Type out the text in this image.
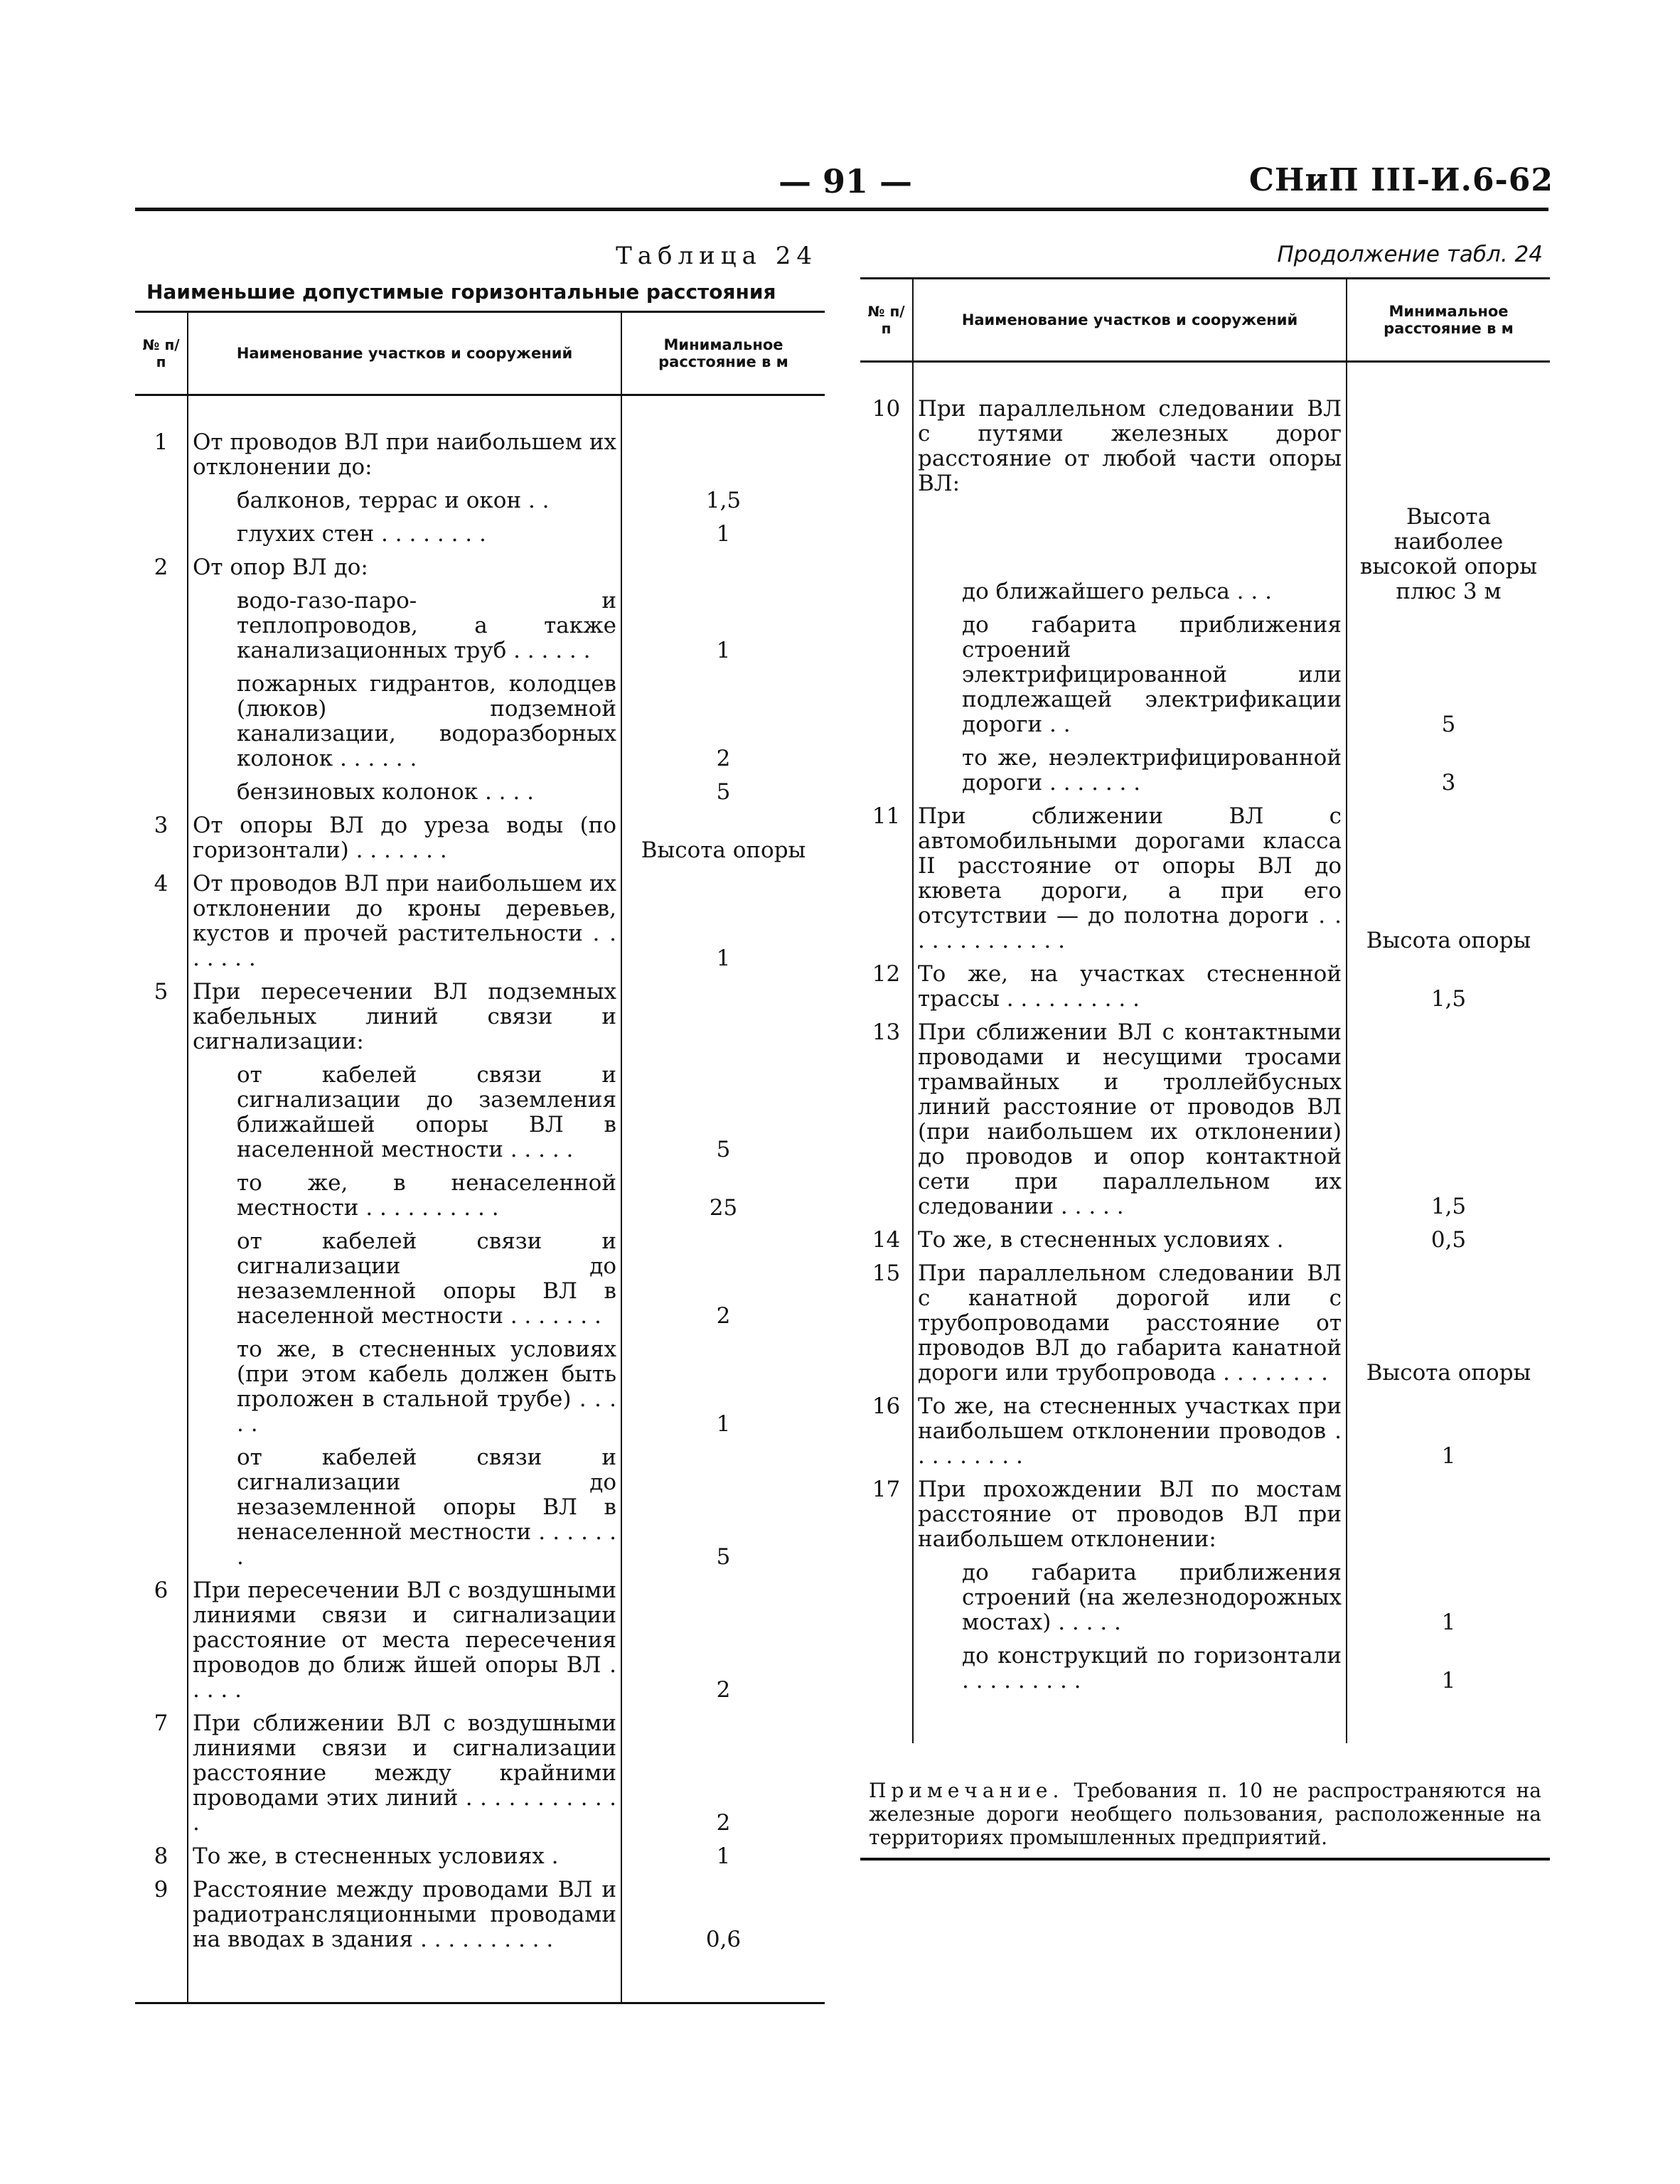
— 91 —	СНиП III-И.6-62
Таблица 24
Наименьшие допустимые горизонтальные расстояния
№ п/п	Наименование участков и сооружений	Минимальное расстояние в м

1	От проводов ВЛ при наибольшем их отклонении до:	

	балконов, террас и окон . .	1,5

	глухих стен . . . . . . . .	1
2	От опор ВЛ до:	

	водо-газо-паро- и теплопроводов, а также канализационных труб . . . . . .	1

	пожарных гидрантов, колодцев (люков) подземной канализации, водоразборных колонок . . . . . .	2

	бензиновых колонок . . . .	5
3	От опоры ВЛ до уреза воды (по горизонтали) . . . . . . .	Высота опоры
4	От проводов ВЛ при наибольшем их отклонении до кроны деревьев, кустов и прочей растительности . . . . . . .	1
5	При пересечении ВЛ подземных кабельных линий связи и сигнализации:	

	от кабелей связи и сигнализации до заземления ближайшей опоры ВЛ в населенной местности . . . . .	5

	то же, в ненаселенной местности . . . . . . . . . .	25

	от кабелей связи и сигнализации до незаземленной опоры ВЛ в населенной местности . . . . . . .	2

	то же, в стесненных условиях (при этом кабель должен быть проложен в стальной трубе) . . . . .	1

	от кабелей связи и сигнализации до незаземленной опоры ВЛ в ненаселенной местности . . . . . . .	5
6	При пересечении ВЛ с воздушными линиями связи и сигнализации расстояние от места пересечения проводов до ближ йшей опоры ВЛ . . . . .	2
7	При сближении ВЛ с воздушными линиями связи и сигнализации расстояние между крайними проводами этих линий . . . . . . . . . . . .	2
8	То же, в стесненных условиях .	1
9	Расстояние между проводами ВЛ и радиотрансляционными проводами на вводах в здания . . . . . . . . . .	0,6

Продолжение табл. 24
№ п/п	Наименование участков и сооружений	Минимальное расстояние в м

10	При параллельном следовании ВЛ с путями железных дорог расстояние от любой части опоры ВЛ:	

	до ближайшего рельса . . .	Высота наиболее высокой опоры плюс 3 м

	до габарита приближения строений электрифицированной или подлежащей электрификации дороги . .	5

	то же, неэлектрифицированной дороги . . . . . . .	3
11	При сближении ВЛ с автомобильными дорогами класса II расстояние от опоры ВЛ до кювета дороги, а при его отсутствии — до полотна дороги . . . . . . . . . . . . .	Высота опоры
12	То же, на участках стесненной трассы . . . . . . . . . .	1,5
13	При сближении ВЛ с контактными проводами и несущими тросами трамвайных и троллейбусных линий расстояние от проводов ВЛ (при наибольшем их отклонении) до проводов и опор контактной сети при параллельном их следовании . . . . .	1,5
14	То же, в стесненных условиях .	0,5
15	При параллельном следовании ВЛ с канатной дорогой или с трубопроводами расстояние от проводов ВЛ до габарита канатной дороги или трубопровода . . . . . . . .	Высота опоры
16	То же, на стесненных участках при наибольшем отклонении проводов . . . . . . . . .	1
17	При прохождении ВЛ по мостам расстояние от проводов ВЛ при наибольшем отклонении:	

	до габарита приближения строений (на железнодорожных мостах) . . . . .	1

	до конструкций по горизонтали . . . . . . . . .	1

Примечание. Требования п. 10 не распространяются на железные дороги необщего пользования, расположенные на территориях промышленных предприятий.
